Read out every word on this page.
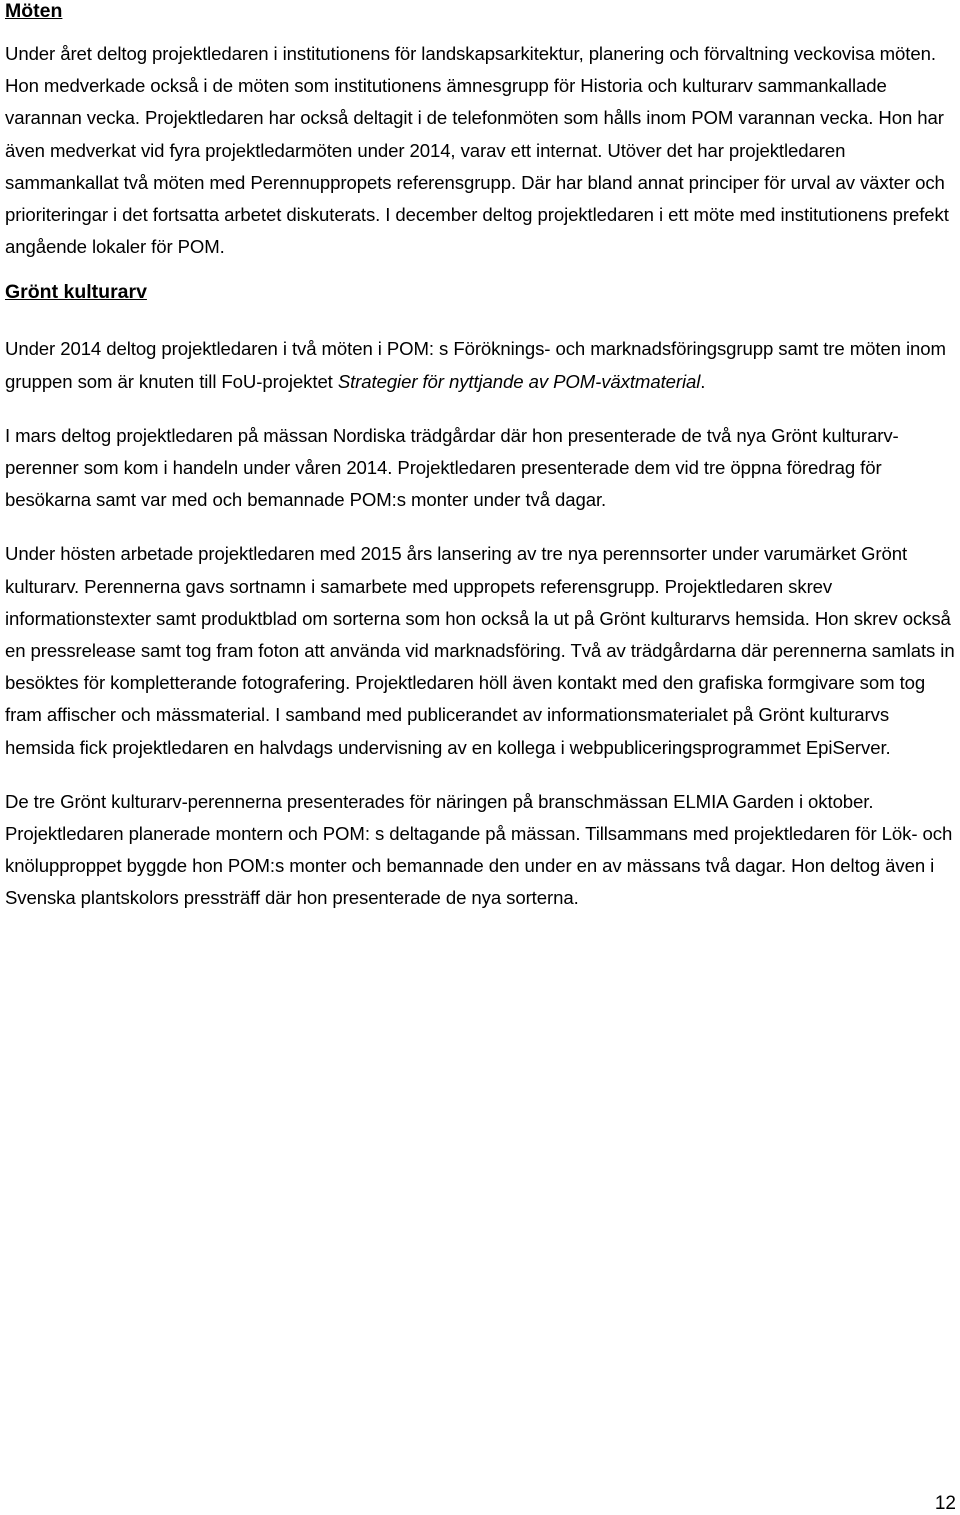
Möten

Under året deltog projektledaren i institutionens för landskapsarkitektur, planering och förvaltning veckovisa möten. Hon medverkade också i de möten som institutionens ämnesgrupp för Historia och kulturarv sammankallade varannan vecka. Projektledaren har också deltagit i de telefonmöten som hålls inom POM varannan vecka. Hon har även medverkat vid fyra projektledarmöten under 2014, varav ett internat. Utöver det har projektledaren sammankallat två möten med Perennuppropets referensgrupp. Där har bland annat principer för urval av växter och prioriteringar i det fortsatta arbetet diskuterats. I december deltog projektledaren i ett möte med institutionens prefekt angående lokaler för POM.

Grönt kulturarv

Under 2014 deltog projektledaren i två möten i POM: s Föröknings- och marknadsföringsgrupp samt tre möten inom gruppen som är knuten till FoU-projektet Strategier för nyttjande av POM-växtmaterial.

I mars deltog projektledaren på mässan Nordiska trädgårdar där hon presenterade de två nya Grönt kulturarv-perenner som kom i handeln under våren 2014. Projektledaren presenterade dem vid tre öppna föredrag för besökarna samt var med och bemannade POM:s monter under två dagar.

Under hösten arbetade projektledaren med 2015 års lansering av tre nya perennsorter under varumärket Grönt kulturarv. Perennerna gavs sortnamn i samarbete med uppropets referensgrupp. Projektledaren skrev informationstexter samt produktblad om sorterna som hon också la ut på Grönt kulturarvs hemsida. Hon skrev också en pressrelease samt tog fram foton att använda vid marknadsföring. Två av trädgårdarna där perennerna samlats in besöktes för kompletterande fotografering. Projektledaren höll även kontakt med den grafiska formgivare som tog fram affischer och mässmaterial. I samband med publicerandet av informationsmaterialet på Grönt kulturarvs hemsida fick projektledaren en halvdags undervisning av en kollega i webpubliceringsprogrammet EpiServer.

De tre Grönt kulturarv-perennerna presenterades för näringen på branschmässan ELMIA Garden i oktober. Projektledaren planerade montern och POM: s deltagande på mässan. Tillsammans med projektledaren för Lök- och knölupproppet byggde hon POM:s monter och bemannade den under en av mässans två dagar. Hon deltog även i Svenska plantskolors pressträff där hon presenterade de nya sorterna.

12
